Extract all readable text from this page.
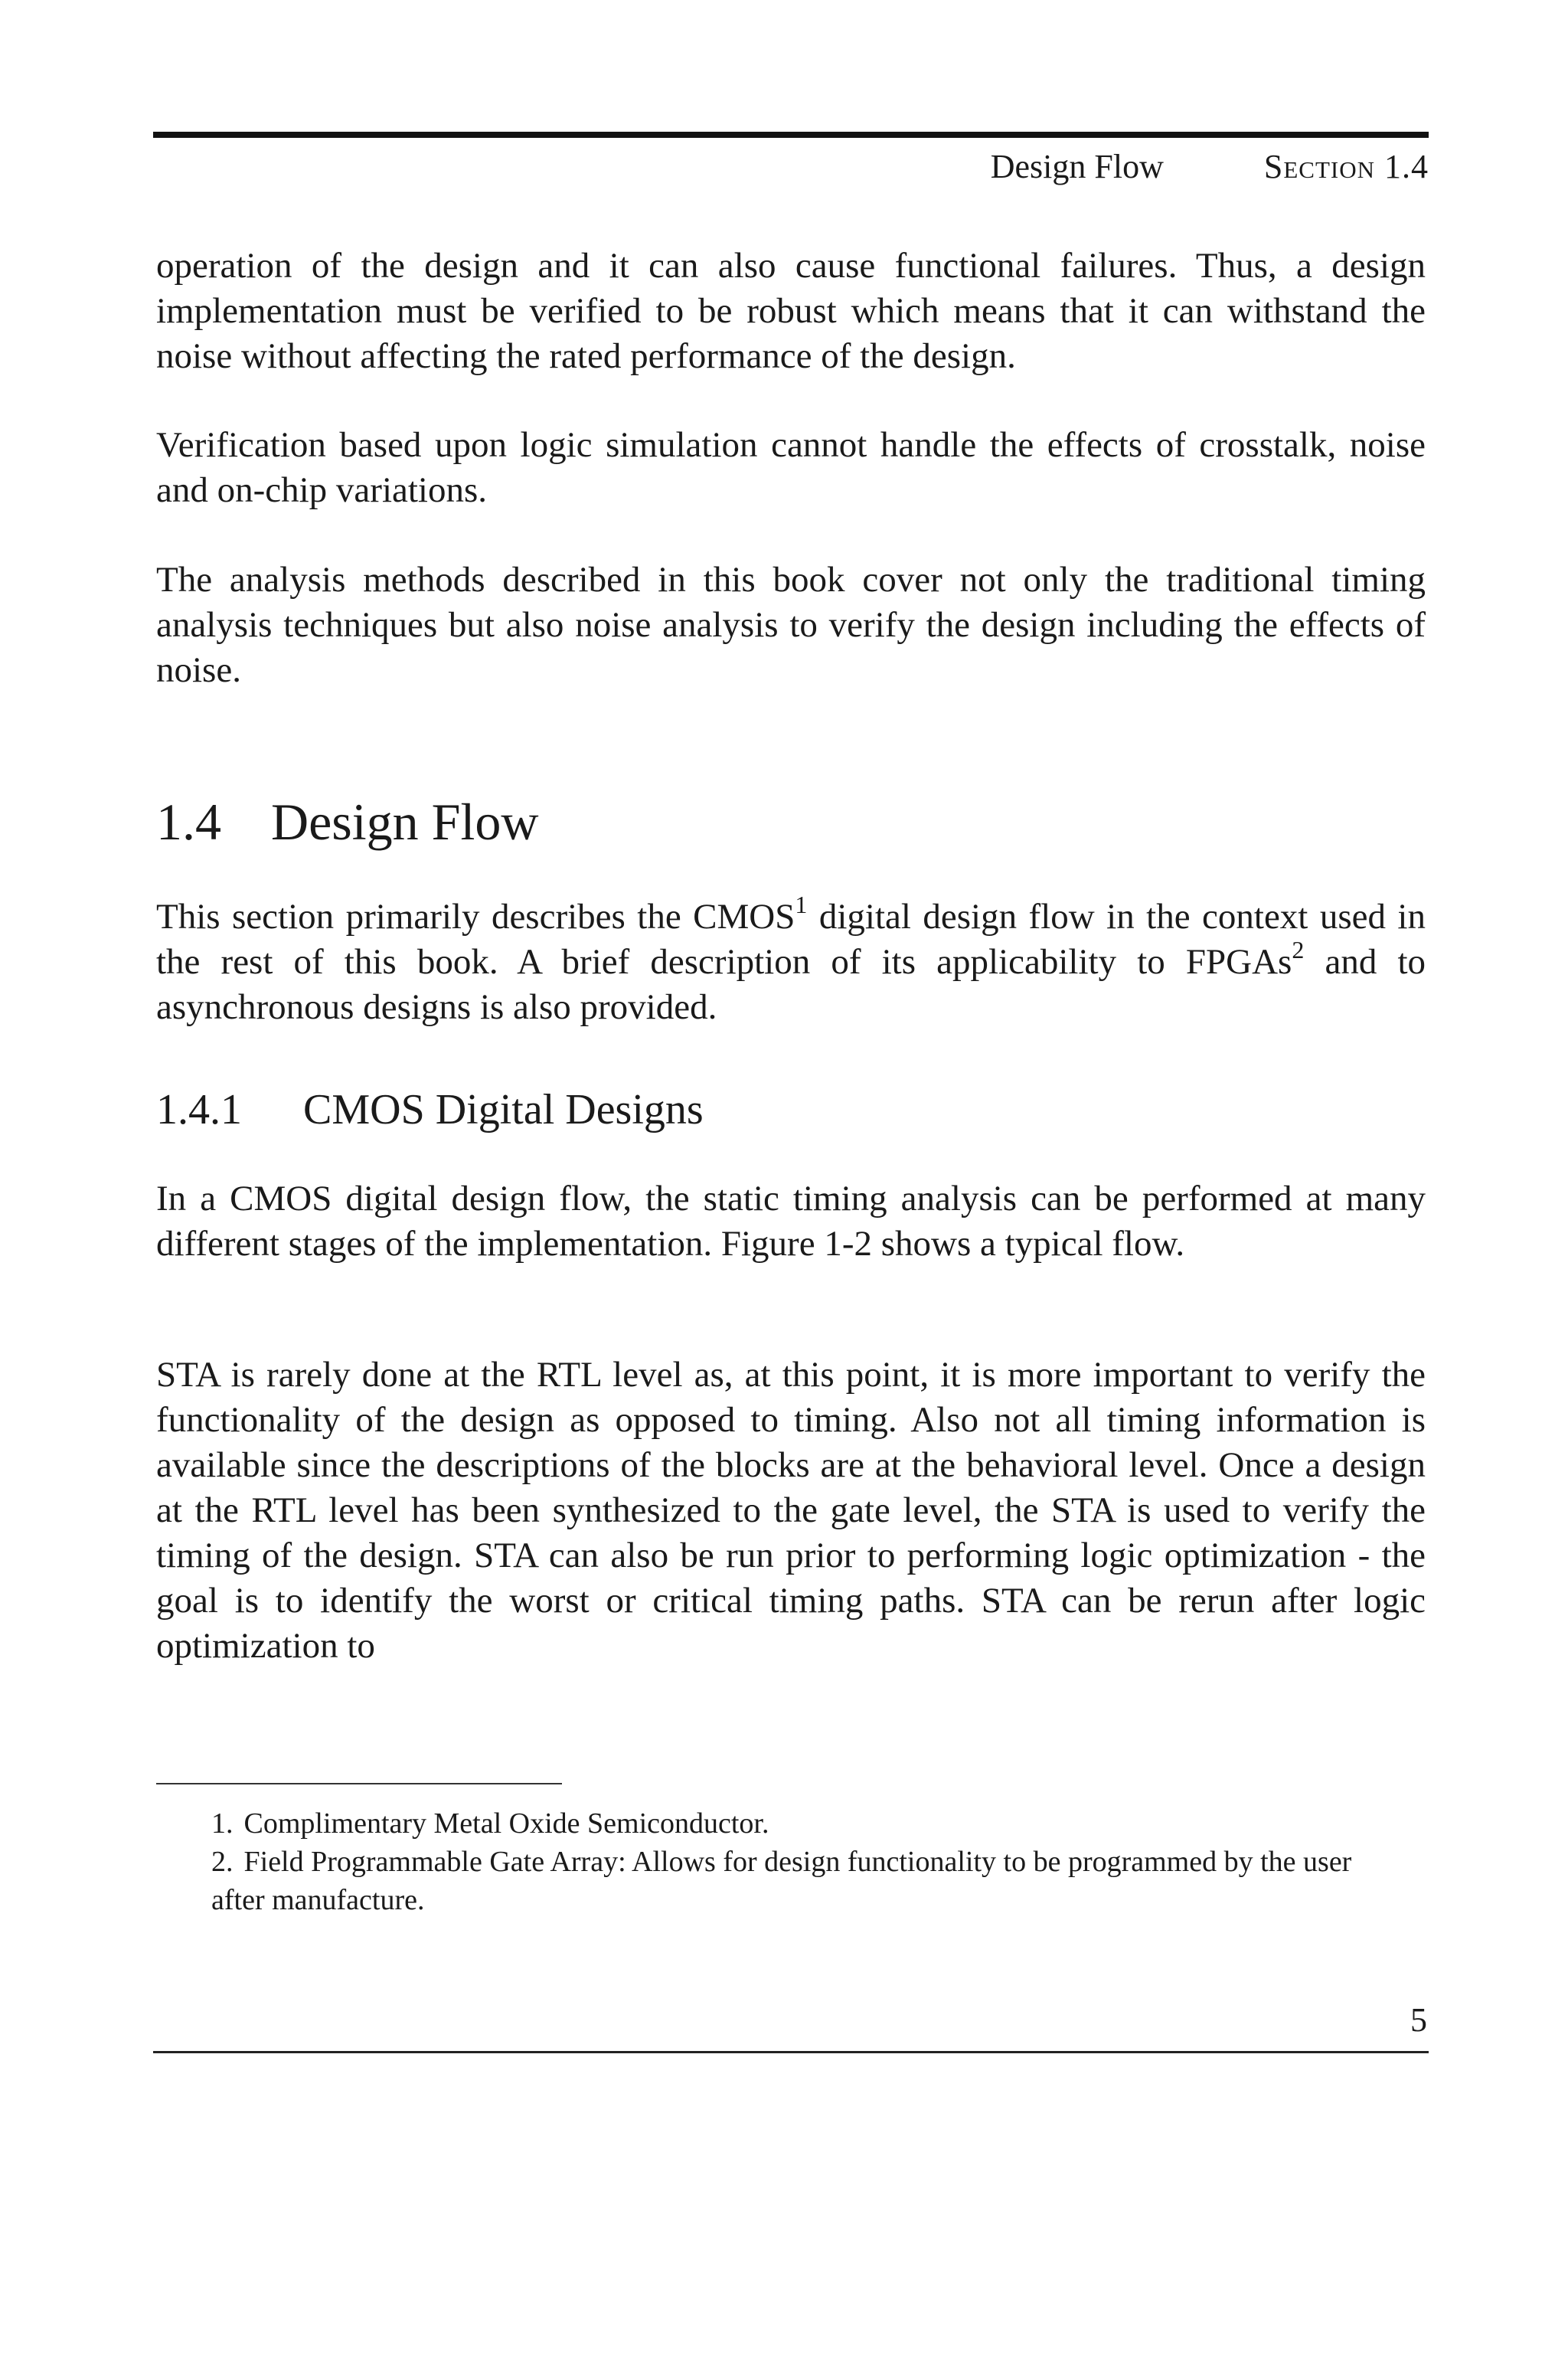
Design Flow	Section 1.4

operation of the design and it can also cause functional failures. Thus, a design implementation must be verified to be robust which means that it can withstand the noise without affecting the rated performance of the design.

Verification based upon logic simulation cannot handle the effects of crosstalk, noise and on-chip variations.

The analysis methods described in this book cover not only the traditional timing analysis techniques but also noise analysis to verify the design including the effects of noise.

1.4 Design Flow

This section primarily describes the CMOS$^1$ digital design flow in the context used in the rest of this book. A brief description of its applicability to FPGAs$^2$ and to asynchronous designs is also provided.

1.4.1 CMOS Digital Designs

In a CMOS digital design flow, the static timing analysis can be performed at many different stages of the implementation. Figure 1-2 shows a typical flow.

STA is rarely done at the RTL level as, at this point, it is more important to verify the functionality of the design as opposed to timing. Also not all timing information is available since the descriptions of the blocks are at the behavioral level. Once a design at the RTL level has been synthesized to the gate level, the STA is used to verify the timing of the design. STA can also be run prior to performing logic optimization - the goal is to identify the worst or critical timing paths. STA can be rerun after logic optimization to

1. Complimentary Metal Oxide Semiconductor.

2. Field Programmable Gate Array: Allows for design functionality to be programmed by the user after manufacture.

5
